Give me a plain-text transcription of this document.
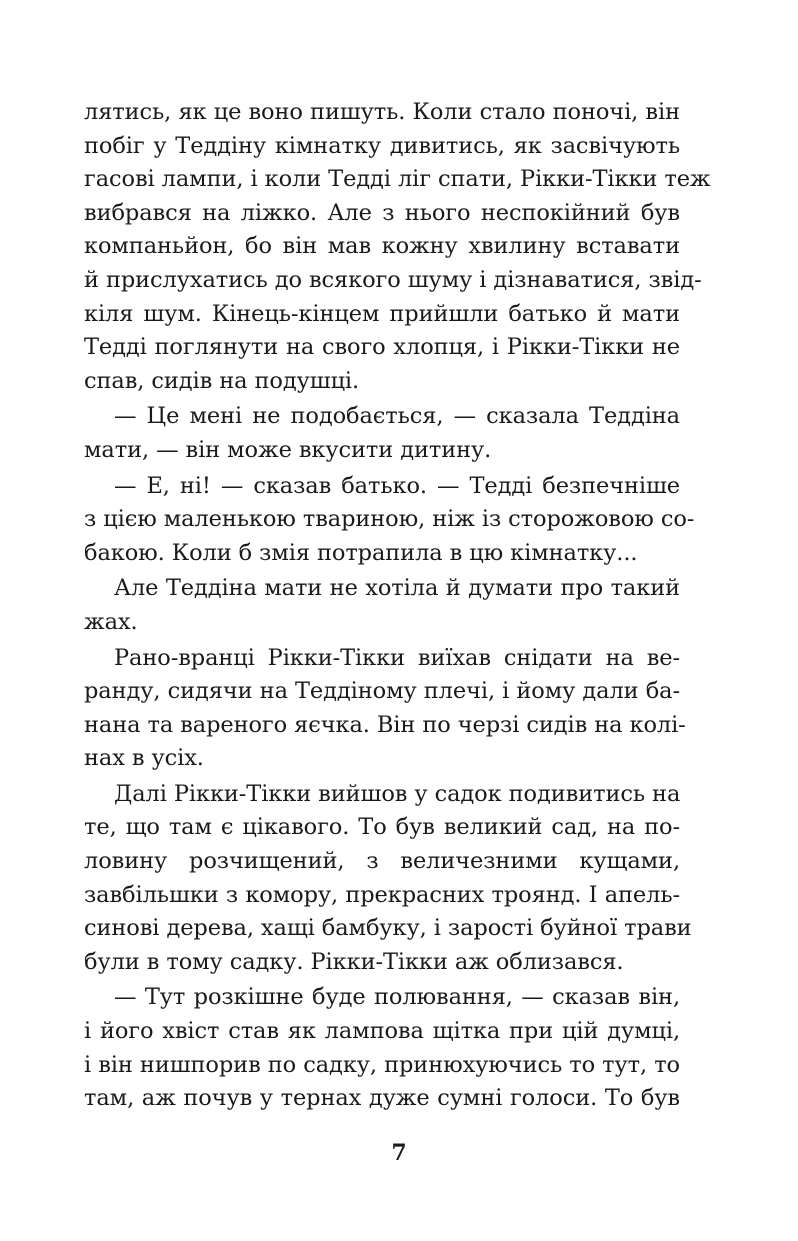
лятись, як це воно пишуть. Коли стало поночі, він
побіг у Теддіну кімнатку дивитись, як засвічують
гасові лампи, і коли Тедді ліг спати, Рікки-Тікки теж
вибрався на ліжко. Але з нього неспокійний був
компаньйон, бо він мав кожну хвилину вставати
й прислухатись до всякого шуму і дізнаватися, звід-
кіля шум. Кінець-кінцем прийшли батько й мати
Тедді поглянути на свого хлопця, і Рікки-Тікки не
спав, сидів на подушці.
— Це мені не подобається, — сказала Теддіна
мати, — він може вкусити дитину.
— Е, ні! — сказав батько. — Тедді безпечніше
з цією маленькою твариною, ніж із сторожовою со-
бакою. Коли б змія потрапила в цю кімнатку...
Але Теддіна мати не хотіла й думати про такий
жах.
Рано-вранці Рікки-Тікки виїхав снідати на ве-
ранду, сидячи на Теддіному плечі, і йому дали ба-
нана та вареного яєчка. Він по черзі сидів на колі-
нах в усіх.
Далі Рікки-Тікки вийшов у садок подивитись на
те, що там є цікавого. То був великий сад, на по-
ловину розчищений, з величезними кущами,
завбільшки з комору, прекрасних троянд. І апель-
синові дерева, хащі бамбуку, і зарості буйної трави
були в тому садку. Рікки-Тікки аж облизався.
— Тут розкішне буде полювання, — сказав він,
і його хвіст став як лампова щітка при цій думці,
і він нишпорив по садку, принюхуючись то тут, то
там, аж почув у тернах дуже сумні голоси. То був
7
